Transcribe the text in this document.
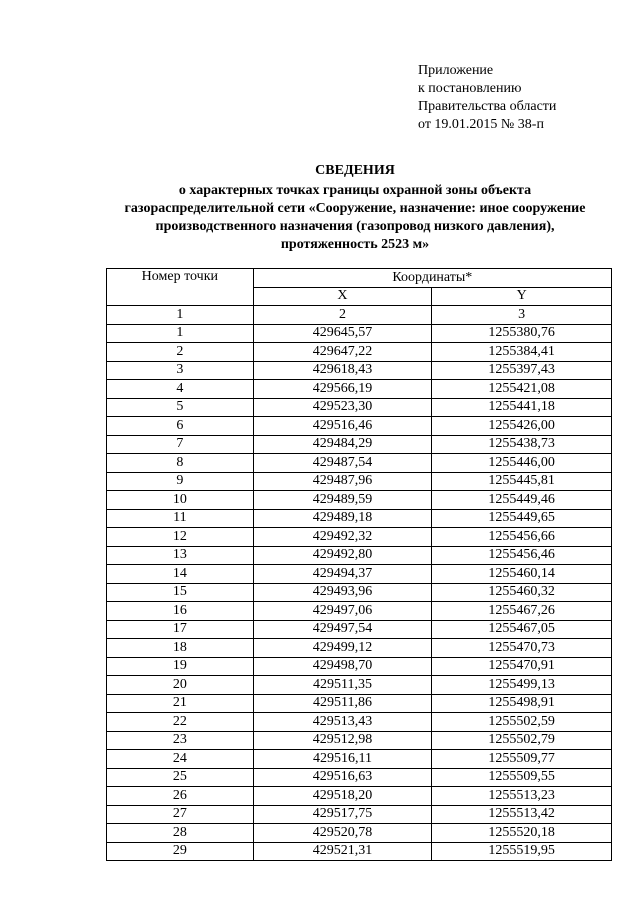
Приложение
к постановлению
Правительства области
от 19.01.2015 № 38-п
СВЕДЕНИЯ
о характерных точках границы охранной зоны объекта
газораспределительной сети «Сооружение, назначение: иное сооружение
производственного назначения (газопровод низкого давления),
протяженность 2523 м»
Номер точки	Координаты*	
	X	Y
1	2	3
1	429645,57	1255380,76
2	429647,22	1255384,41
3	429618,43	1255397,43
4	429566,19	1255421,08
5	429523,30	1255441,18
6	429516,46	1255426,00
7	429484,29	1255438,73
8	429487,54	1255446,00
9	429487,96	1255445,81
10	429489,59	1255449,46
11	429489,18	1255449,65
12	429492,32	1255456,66
13	429492,80	1255456,46
14	429494,37	1255460,14
15	429493,96	1255460,32
16	429497,06	1255467,26
17	429497,54	1255467,05
18	429499,12	1255470,73
19	429498,70	1255470,91
20	429511,35	1255499,13
21	429511,86	1255498,91
22	429513,43	1255502,59
23	429512,98	1255502,79
24	429516,11	1255509,77
25	429516,63	1255509,55
26	429518,20	1255513,23
27	429517,75	1255513,42
28	429520,78	1255520,18
29	429521,31	1255519,95
